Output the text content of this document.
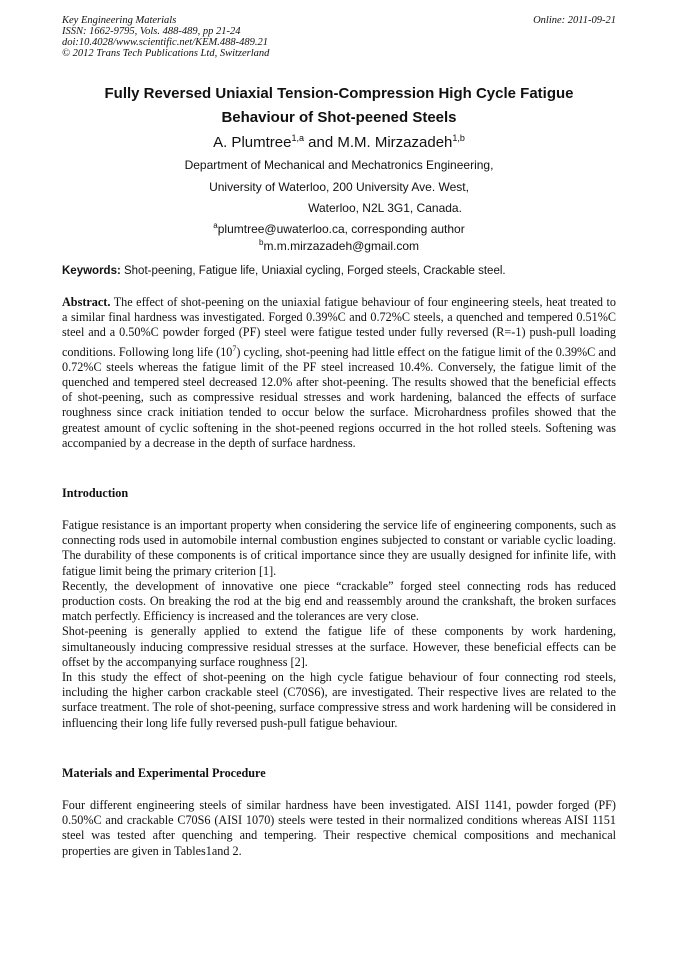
Key Engineering Materials
ISSN: 1662-9795, Vols. 488-489, pp 21-24
doi:10.4028/www.scientific.net/KEM.488-489.21
© 2012 Trans Tech Publications Ltd, Switzerland
Online: 2011-09-21
Fully Reversed Uniaxial Tension-Compression High Cycle Fatigue
Behaviour of Shot-peened Steels
A. Plumtree$^{1,a}$ and M.M. Mirzazadeh$^{1,b}$
Department of Mechanical and Mechatronics Engineering,
University of Waterloo, 200 University Ave. West,
Waterloo, N2L 3G1, Canada.
$^a$plumtree@uwaterloo.ca, corresponding author
$^b$m.m.mirzazadeh@gmail.com
Keywords: Shot-peening, Fatigue life, Uniaxial cycling, Forged steels, Crackable steel.

Abstract. The effect of shot-peening on the uniaxial fatigue behaviour of four engineering steels, heat treated to a similar final hardness was investigated. Forged 0.39%C and 0.72%C steels, a quenched and tempered 0.51%C steel and a 0.50%C powder forged (PF) steel were fatigue tested under fully reversed (R=-1) push-pull loading conditions. Following long life $(10^7)$ cycling, shot-peening had little effect on the fatigue limit of the 0.39%C and 0.72%C steels whereas the fatigue limit of the PF steel increased 10.4%. Conversely, the fatigue limit of the quenched and tempered steel decreased 12.0% after shot-peening. The results showed that the beneficial effects of shot-peening, such as compressive residual stresses and work hardening, balanced the effects of surface roughness since crack initiation tended to occur below the surface. Microhardness profiles showed that the greatest amount of cyclic softening in the shot-peened regions occurred in the hot rolled steels. Softening was accompanied by a decrease in the depth of surface hardness.

Introduction

Fatigue resistance is an important property when considering the service life of engineering components, such as connecting rods used in automobile internal combustion engines subjected to constant or variable cyclic loading. The durability of these components is of critical importance since they are usually designed for infinite life, with fatigue limit being the primary criterion [1].

Recently, the development of innovative one piece “crackable” forged steel connecting rods has reduced production costs. On breaking the rod at the big end and reassembly around the crankshaft, the broken surfaces match perfectly. Efficiency is increased and the tolerances are very close.

Shot-peening is generally applied to extend the fatigue life of these components by work hardening, simultaneously inducing compressive residual stresses at the surface. However, these beneficial effects can be offset by the accompanying surface roughness [2].

In this study the effect of shot-peening on the high cycle fatigue behaviour of four connecting rod steels, including the higher carbon crackable steel (C70S6), are investigated. Their respective lives are related to the surface treatment. The role of shot-peening, surface compressive stress and work hardening will be considered in influencing their long life fully reversed push-pull fatigue behaviour.

Materials and Experimental Procedure

Four different engineering steels of similar hardness have been investigated. AISI 1141, powder forged (PF) 0.50%C and crackable C70S6 (AISI 1070) steels were tested in their normalized conditions whereas AISI 1151 steel was tested after quenching and tempering. Their respective chemical compositions and mechanical properties are given in Tables1and 2.
